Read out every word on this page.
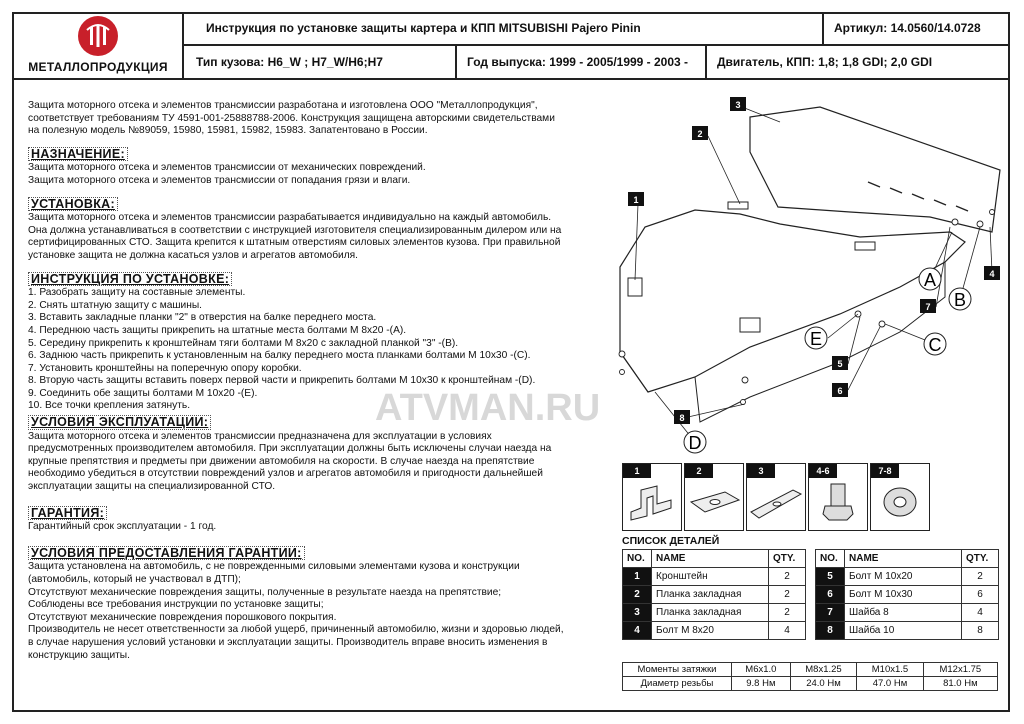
МЕТАЛЛОПРОДУКЦИЯ
Инструкция по установке защиты картера и КПП MITSUBISHI Pajero Pinin	Артикул: 14.0560/14.0728
Тип кузова: H6_W ; H7_W/H6;H7	Год выпуска: 1999 - 2005/1999 - 2003 -	Двигатель, КПП: 1,8; 1,8 GDI; 2,0 GDI

Защита моторного отсека и элементов трансмиссии разработана и изготовлена ООО "Металлопродукция",

соответствует требованиям ТУ 4591-001-25888788-2006. Конструкция защищена авторскими свидетельствами

на полезную модель №89059, 15980, 15981, 15982, 15983. Запатентовано в России.

НАЗНАЧЕНИЕ:

Защита моторного отсека и элементов трансмиссии от механических повреждений.

Защита моторного отсека и элементов трансмиссии от попадания грязи и влаги.

УСТАНОВКА:

Защита моторного отсека и элементов трансмиссии разрабатывается индивидуально на каждый автомобиль.

Она должна устанавливаться в соответствии с инструкцией изготовителя специализированным дилером или на

сертифицированных СТО. Защита крепится к штатным отверстиям силовых элементов кузова. При правильной

установке защита не должна касаться узлов и агрегатов автомобиля.

ИНСТРУКЦИЯ ПО УСТАНОВКЕ:

1. Разобрать защиту на составные элементы.

2. Снять штатную защиту с машины.

3. Вставить закладные планки "2" в отверстия на балке переднего моста.

4. Переднюю часть защиты прикрепить на штатные места болтами М 8х20 -(A).

5. Середину прикрепить к кронштейнам тяги болтами М 8х20 с закладной планкой "3" -(B).

6. Заднюю часть прикрепить к установленным на балку переднего моста планками болтами М 10х30 -(C).

7. Установить кронштейны на поперечную опору коробки.

8. Вторую часть защиты вставить поверх первой части и прикрепить болтами М 10х30 к кронштейнам -(D).

9. Соединить обе защиты болтами М 10х20 -(E).

10. Все точки крепления затянуть.

УСЛОВИЯ ЭКСПЛУАТАЦИИ:

Защита моторного отсека и элементов трансмиссии предназначена для эксплуатации в условиях

предусмотренных производителем автомобиля. При эксплуатации должны быть исключены случаи наезда на

крупные препятствия и предметы при движении автомобиля на скорости. В случае наезда на препятствие

необходимо убедиться в отсутствии повреждений узлов и агрегатов автомобиля и пригодности дальнейшей

эксплуатации защиты на специализированной СТО.

ГАРАНТИЯ:

Гарантийный срок эксплуатации - 1 год.

УСЛОВИЯ ПРЕДОСТАВЛЕНИЯ ГАРАНТИИ:

Защита установлена на автомобиль, с не поврежденными силовыми элементами кузова и конструкции

(автомобиль, который не участвовал в ДТП);

Отсутствуют механические повреждения защиты, полученные в результате наезда на препятствие;

Соблюдены все требования инструкции по установке защиты;

Отсутствуют механические повреждения порошкового покрытия.

Производитель не несет ответственности за любой ущерб, причиненный автомобилю, жизни и здоровью людей,

в случае нарушения условий установки и эксплуатации защиты. Производитель вправе вносить изменения в

конструкцию защиты.

ATVMAN.RU
1
2
3
4
5
6
7
8
A
B
C
D
E
1	2	3	4-6	7-8
СПИСОК ДЕТАЛЕЙ
NO.	NAME	QTY.
1	Кронштейн	2
2	Планка закладная	2
3	Планка закладная	2
4	Болт М 8х20	4
NO.	NAME	QTY.
5	Болт М 10х20	2
6	Болт М 10х30	6
7	Шайба 8	4
8	Шайба 10	8
Моменты затяжки	M6x1.0	M8x1.25	M10x1.5	M12x1.75
Диаметр резьбы	9.8 Нм	24.0 Нм	47.0 Нм	81.0 Нм
